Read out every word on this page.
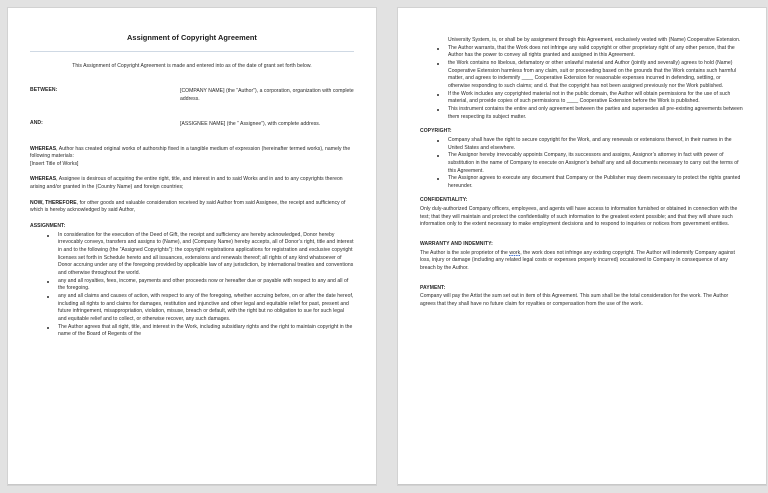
Assignment of Copyright Agreement
This Assignment of Copyright Agreement is made and entered into as of the date of grant set forth below.
BETWEEN:	[COMPANY NAME] (the “Author”), a corporation, organization with complete address.
AND:	[ASSIGNEE NAME] (the “ Assignee”), with complete address.

WHEREAS, Author has created original works of authorship fixed in a tangible medium of expression (hereinafter termed works), namely the following materials:

[Insert Title of Works]

WHEREAS, Assignee is desirous of acquiring the entire right, title, and interest in and to said Works and in and to any copyrights thereon arising and/or granted in the (Country Name) and foreign countries;

NOW, THEREFORE, for other goods and valuable consideration received by said Author from said Assignee, the receipt and sufficiency of which is hereby acknowledged by said Author,

ASSIGNMENT:
In consideration for the execution of the Deed of Gift, the receipt and sufficiency are hereby acknowledged, Donor hereby irrevocably conveys, transfers and assigns to (Name), and (Company Name) hereby accepts, all of Donor’s right, title and interest in and to the following (the “Assigned Copyrights”): the copyright registrations applications for registration and exclusive copyright licenses set forth in Schedule hereto and all issuances, extensions and renewals thereof; all rights of any kind whatsoever of Donor accruing under any of the foregoing provided by applicable law of any jurisdiction, by international treaties and conventions and otherwise throughout the world.
any and all royalties, fees, income, payments and other proceeds now or hereafter due or payable with respect to any and all of the foregoing.
any and all claims and causes of action, with respect to any of the foregoing, whether accruing before, on or after the date hereof, including all rights to and claims for damages, restitution and injunctive and other legal and equitable relief for past, present and future infringement, misappropriation, violation, misuse, breach or default, with the right but no obligation to sue for such legal and equitable relief and to collect, or otherwise recover, any such damages.
The Author agrees that all right, title, and interest in the Work, including subsidiary rights and the right to maintain copyright in the name of the Board of Regents of the
University System, is, or shall be by assignment through this Agreement, exclusively vested with (Name) Cooperative Extension.
The Author warrants, that the Work does not infringe any valid copyright or other proprietary right of any other person, that the Author has the power to convey all rights granted and assigned in this Agreement.
the Work contains no libelous, defamatory or other unlawful material and Author (jointly and severally) agrees to hold (Name) Cooperative Extension harmless from any claim, suit or proceeding based on the grounds that the Work contains such harmful matter, and agrees to indemnify ____ Cooperative Extension for reasonable expenses incurred in defending, settling, or otherwise responding to such claims; and d. that the copyright has not been assigned previously nor the Work published.
If the Work includes any copyrighted material not in the public domain, the Author will obtain permissions for the use of such material, and provide copies of such permissions to ____ Cooperative Extension before the Work is published.
This instrument contains the entire and only agreement between the parties and supersedes all pre-existing agreements between them respecting its subject matter.
COPYRIGHT:
Company shall have the right to secure copyright for the Work, and any renewals or extensions thereof, in their names in the United States and elsewhere.
The Assignor hereby irrevocably appoints Company, its successors and assigns, Assignor’s attorney in fact with power of substitution in the name of Company to execute on Assignor’s behalf any and all documents necessary to carry out the terms of this Agreement.
The Assignor agrees to execute any document that Company or the Publisher may deem necessary to protect the rights granted hereunder.
CONFIDENTIALITY:

Only duly-authorized Company officers, employees, and agents will have access to information furnished or obtained in connection with the test; that they will maintain and protect the confidentiality of such information to the greatest extent possible; and that they will share such information only to the extent necessary to make employment decisions and to respond to inquiries or notices from government entities.

WARRANTY AND INDEMNITY:

The Author is the sole proprietor of the work, the work does not infringe any existing copyright. The Author will indemnify Company against loss, injury or damage (including any related legal costs or expenses properly incurred) occasioned to Company in consequence of any breach by the Author.

PAYMENT:

Company will pay the Artist the sum set out in item of this Agreement. This sum shall be the total consideration for the work. The Author agrees that they shall have no future claim for royalties or compensation from the use of the work.
